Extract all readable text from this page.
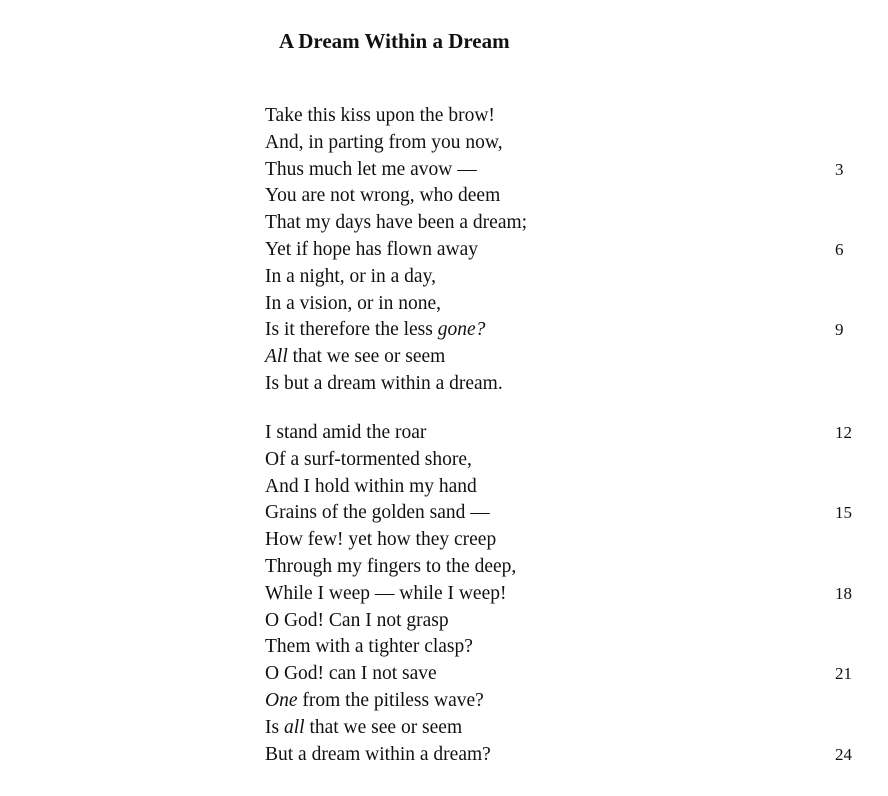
A Dream Within a Dream
Take this kiss upon the brow!
And, in parting from you now,
Thus much let me avow —	3
You are not wrong, who deem
That my days have been a dream;
Yet if hope has flown away	6
In a night, or in a day,
In a vision, or in none,
Is it therefore the less gone?	9
All that we see or seem
Is but a dream within a dream.
I stand amid the roar	12
Of a surf-tormented shore,
And I hold within my hand
Grains of the golden sand —	15
How few! yet how they creep
Through my fingers to the deep,
While I weep — while I weep!	18
O God! Can I not grasp
Them with a tighter clasp?
O God! can I not save	21
One from the pitiless wave?
Is all that we see or seem
But a dream within a dream?	24
